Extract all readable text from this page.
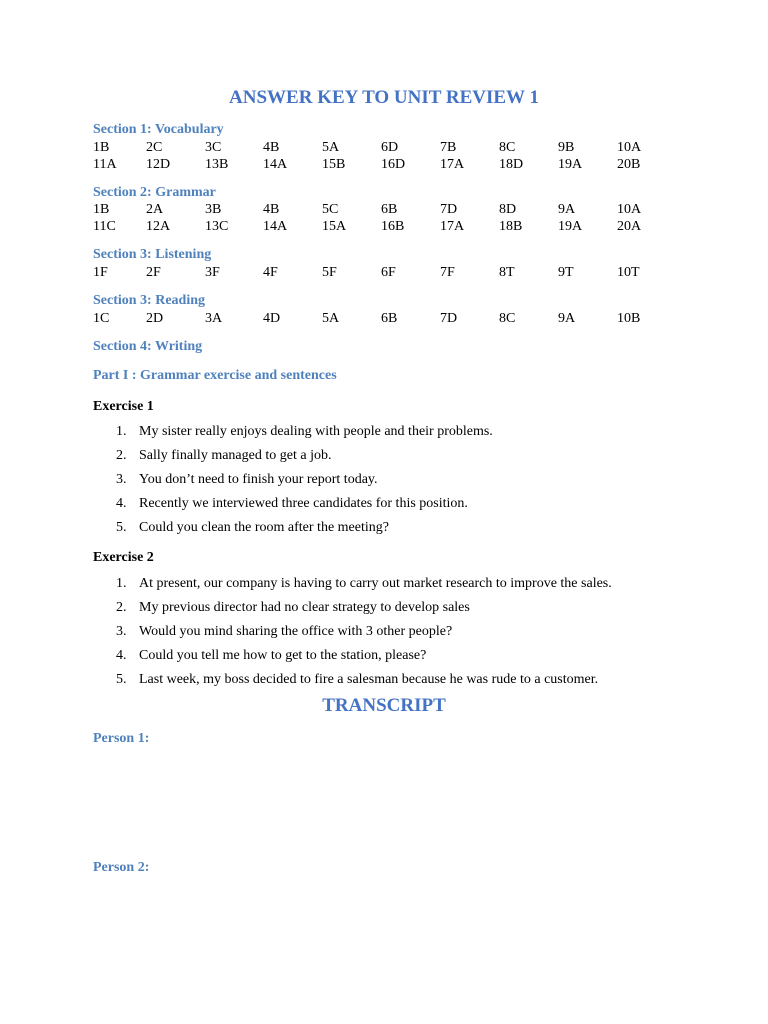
ANSWER KEY TO UNIT REVIEW 1
Section 1: Vocabulary
1B	2C	3C	4B	5A	6D	7B	8C	9B	10A
11A 12D 13B 14A 15B	16D 17A 18D 19A 20B
Section 2: Grammar
1B	2A	3B	4B	5C	6B	7D	8D	9A	10A
11C 12A 13C 14A 15A 16B	17A 18B	19A 20A
Section 3: Listening
1F	2F	3F	4F	5F	6F	7F	8T	9T	10T
Section 3: Reading
1C	2D	3A	4D	5A	6B	7D	8C	9A	10B
Section 4: Writing
Part I : Grammar exercise and sentences
Exercise 1
1. My sister really enjoys dealing with people and their problems.
2. Sally finally managed to get a job.
3. You don’t need to finish your report today.
4. Recently we interviewed three candidates for this position.
5. Could you clean the room after the meeting?
Exercise 2
1. At present, our company is having to carry out market research to improve the sales.
2. My previous director had no clear strategy to develop sales
3. Would you mind sharing the office with 3 other people?
4. Could you tell me how to get to the station, please?
5. Last week, my boss decided to fire a salesman because he was rude to a customer.
TRANSCRIPT
Person 1:
Person 2:
